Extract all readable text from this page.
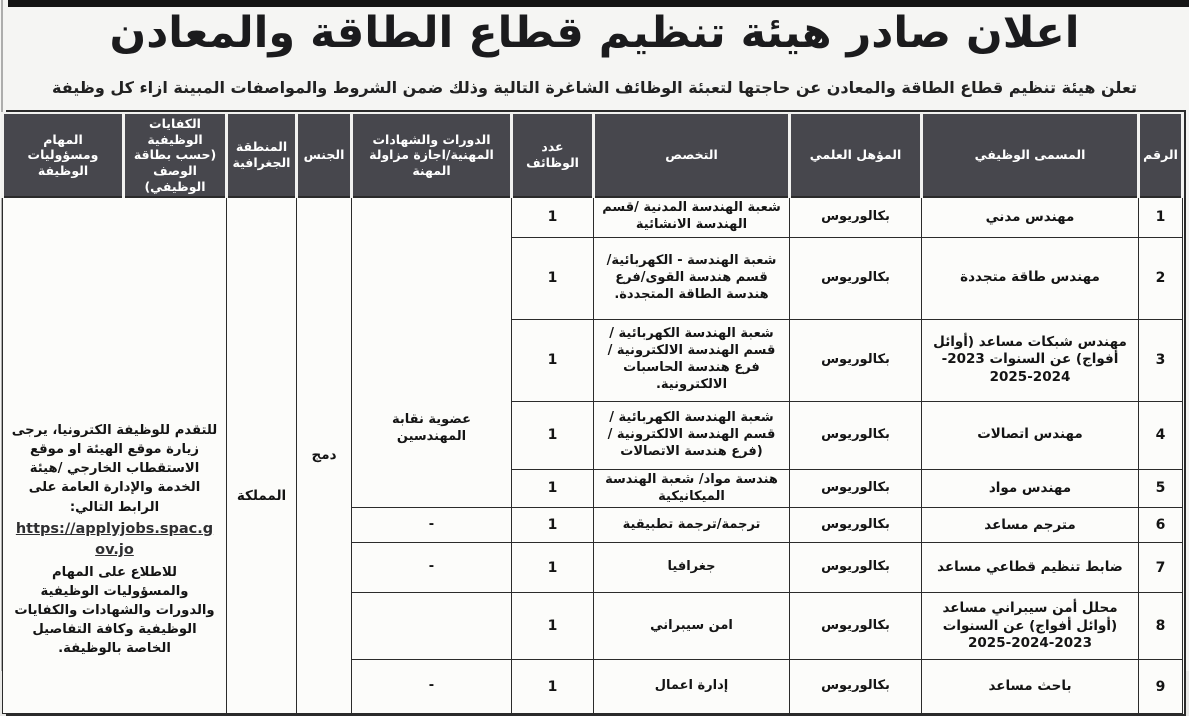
اعلان صادر هيئة تنظيم قطاع الطاقة والمعادن
تعلن هيئة تنظيم قطاع الطاقة والمعادن عن حاجتها لتعبئة الوظائف الشاغرة التالية وذلك ضمن الشروط والمواصفات المبينة ازاء كل وظيفة
الرقم	المسمى الوظيفي	المؤهل العلمي	التخصص	عدد الوظائف	الدورات والشهادات المهنية/اجازة مزاولة المهنة	الجنس	المنطقة الجغرافية	الكفايات الوظيفية (حسب بطاقة الوصف الوظيفي)	المهام ومسؤوليات الوظيفة
1	مهندس مدني	بكالوريوس	شعبة الهندسة المدنية /قسم الهندسة الانشائية	1	عضوية نقابة المهندسين	دمج	المملكة	للتقدم للوظيفة الكترونيا، يرجى زيارة موقع الهيئة او موقع الاستقطاب الخارجي /هيئة الخدمة والإدارة العامة على الرابط التالي:
https://applyjobs.spac.gov.jo
للاطلاع على المهام والمسؤوليات الوظيفية والدورات والشهادات والكفايات الوظيفية وكافة التفاصيل الخاصة بالوظيفة.	
2	مهندس طاقة متجددة	بكالوريوس	شعبة الهندسة - الكهربائية/قسم هندسة القوى/فرع هندسة الطاقة المتجددة.	1					
3	مهندس شبكات مساعد (أوائل أفواج) عن السنوات 2023-2024-2025	بكالوريوس	شعبة الهندسة الكهربائية /قسم الهندسة الالكترونية / فرع هندسة الحاسبات الالكترونية.	1					
4	مهندس اتصالات	بكالوريوس	شعبة الهندسة الكهربائية /قسم الهندسة الالكترونية / (فرع هندسة الاتصالات	1					
5	مهندس مواد	بكالوريوس	هندسة مواد/ شعبة الهندسة الميكانيكية	1					
6	مترجم مساعد	بكالوريوس	ترجمة/ترجمة تطبيقية	1	-				
7	ضابط تنظيم قطاعي مساعد	بكالوريوس	جغرافيا	1	-				
8	محلل أمن سيبراني مساعد (أوائل أفواج) عن السنوات 2023-2024-2025	بكالوريوس	امن سيبراني	1					
9	باحث مساعد	بكالوريوس	إدارة اعمال	1	-				
